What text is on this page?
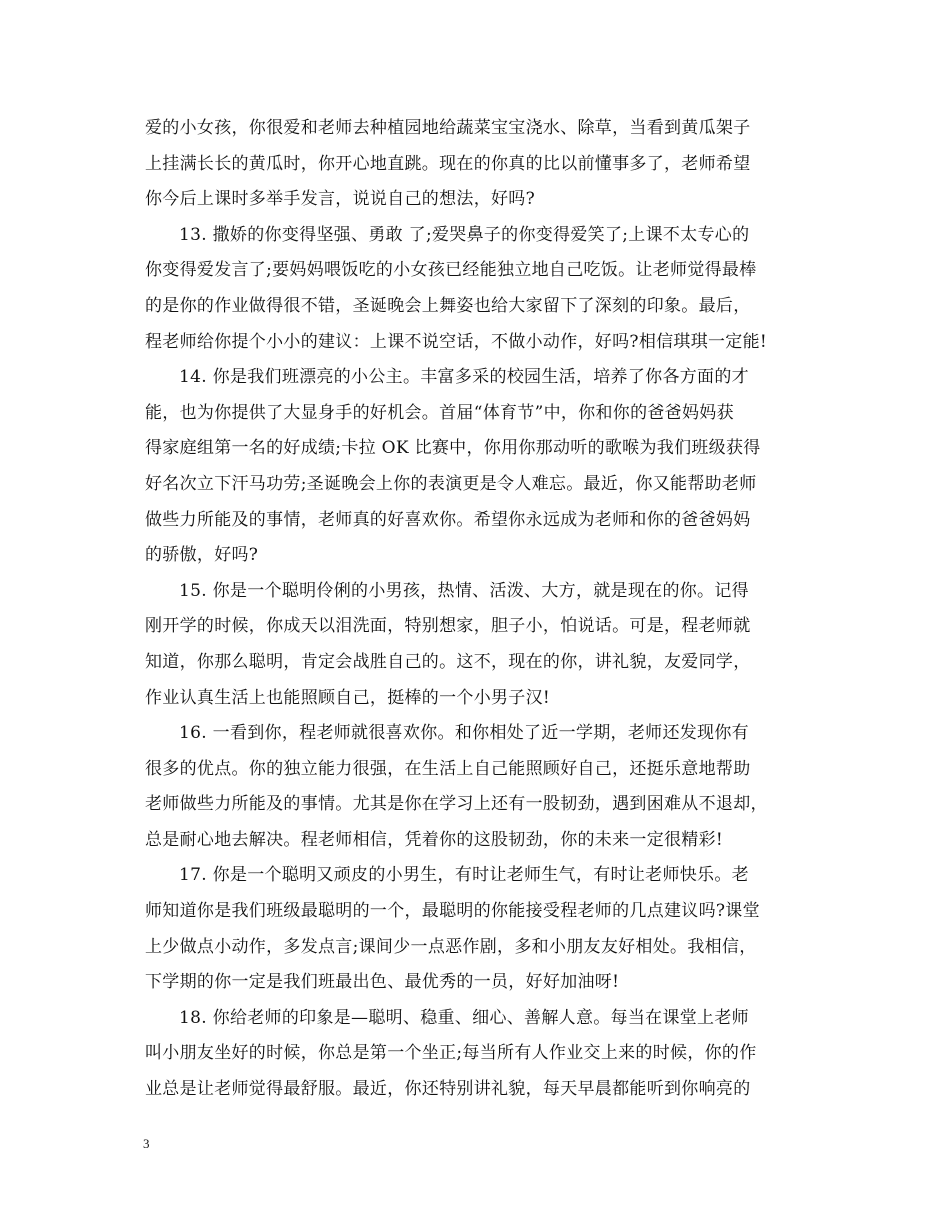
爱的小女孩，你很爱和老师去种植园地给蔬菜宝宝浇水、除草，当看到黄瓜架子
上挂满长长的黄瓜时，你开心地直跳。现在的你真的比以前懂事多了，老师希望
你今后上课时多举手发言，说说自己的想法，好吗?
13. 撒娇的你变得坚强、勇敢 了;爱哭鼻子的你变得爱笑了;上课不太专心的
你变得爱发言了;要妈妈喂饭吃的小女孩已经能独立地自己吃饭。让老师觉得最棒
的是你的作业做得很不错，圣诞晚会上舞姿也给大家留下了深刻的印象。最后，
程老师给你提个小小的建议：上课不说空话，不做小动作，好吗?相信琪琪一定能!
14. 你是我们班漂亮的小公主。丰富多采的校园生活，培养了你各方面的才
能，也为你提供了大显身手的好机会。首届“体育节”中，你和你的爸爸妈妈获
得家庭组第一名的好成绩;卡拉 OK 比赛中，你用你那动听的歌喉为我们班级获得
好名次立下汗马功劳;圣诞晚会上你的表演更是令人难忘。最近，你又能帮助老师
做些力所能及的事情，老师真的好喜欢你。希望你永远成为老师和你的爸爸妈妈
的骄傲，好吗?
15. 你是一个聪明伶俐的小男孩，热情、活泼、大方，就是现在的你。记得
刚开学的时候，你成天以泪洗面，特别想家，胆子小，怕说话。可是，程老师就
知道，你那么聪明，肯定会战胜自己的。这不，现在的你，讲礼貌，友爱同学，
作业认真生活上也能照顾自己，挺棒的一个小男子汉!
16. 一看到你，程老师就很喜欢你。和你相处了近一学期，老师还发现你有
很多的优点。你的独立能力很强，在生活上自己能照顾好自己，还挺乐意地帮助
老师做些力所能及的事情。尤其是你在学习上还有一股韧劲，遇到困难从不退却，
总是耐心地去解决。程老师相信，凭着你的这股韧劲，你的未来一定很精彩!
17. 你是一个聪明又顽皮的小男生，有时让老师生气，有时让老师快乐。老
师知道你是我们班级最聪明的一个，最聪明的你能接受程老师的几点建议吗?课堂
上少做点小动作，多发点言;课间少一点恶作剧，多和小朋友友好相处。我相信，
下学期的你一定是我们班最出色、最优秀的一员，好好加油呀!
18. 你给老师的印象是—聪明、稳重、细心、善解人意。每当在课堂上老师
叫小朋友坐好的时候，你总是第一个坐正;每当所有人作业交上来的时候，你的作
业总是让老师觉得最舒服。最近，你还特别讲礼貌，每天早晨都能听到你响亮的
3
